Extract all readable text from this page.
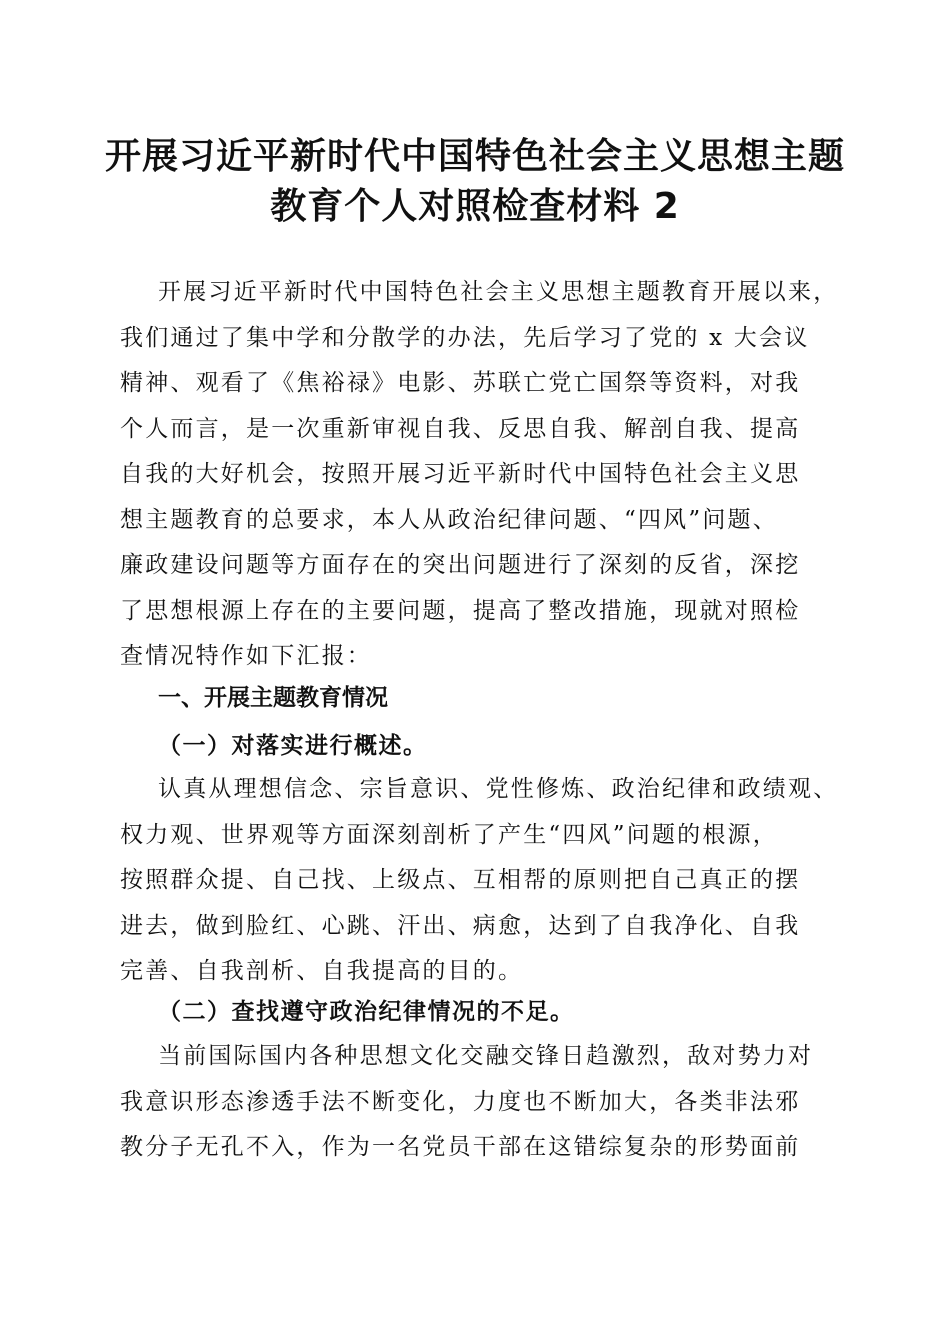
开展习近平新时代中国特色社会主义思想主题
教育个人对照检查材料 2
开展习近平新时代中国特色社会主义思想主题教育开展以来，
我们通过了集中学和分散学的办法，先后学习了党的 x 大会议
精神、观看了《焦裕禄》电影、苏联亡党亡国祭等资料，对我
个人而言，是一次重新审视自我、反思自我、解剖自我、提高
自我的大好机会，按照开展习近平新时代中国特色社会主义思
想主题教育的总要求，本人从政治纪律问题、“四风”问题、
廉政建设问题等方面存在的突出问题进行了深刻的反省，深挖
了思想根源上存在的主要问题，提高了整改措施，现就对照检
查情况特作如下汇报：
一、开展主题教育情况
（一）对落实进行概述。
认真从理想信念、宗旨意识、党性修炼、政治纪律和政绩观、
权力观、世界观等方面深刻剖析了产生“四风”问题的根源，
按照群众提、自己找、上级点、互相帮的原则把自己真正的摆
进去，做到脸红、心跳、汗出、病愈，达到了自我净化、自我
完善、自我剖析、自我提高的目的。
（二）查找遵守政治纪律情况的不足。
当前国际国内各种思想文化交融交锋日趋激烈，敌对势力对
我意识形态渗透手法不断变化，力度也不断加大，各类非法邪
教分子无孔不入，作为一名党员干部在这错综复杂的形势面前
